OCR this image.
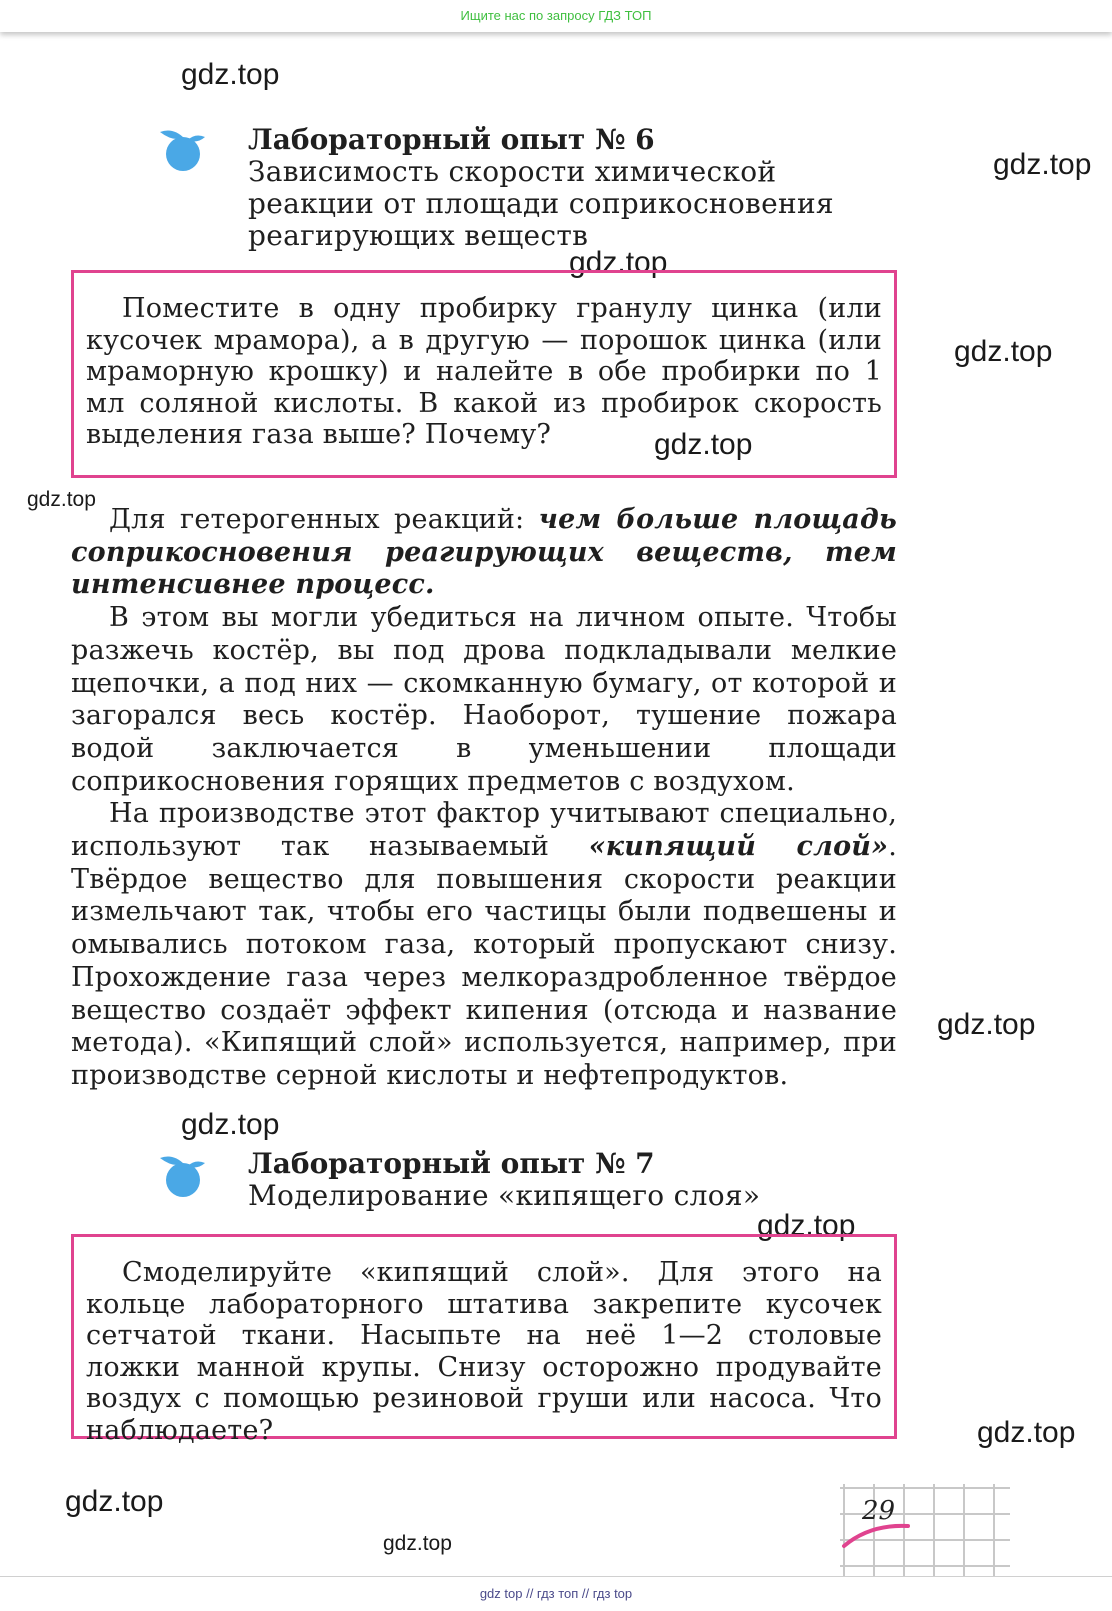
Ищите нас по запросу ГДЗ ТОП
gdz.top
gdz.top
gdz.top
gdz.top
gdz.top
gdz.top
gdz.top
gdz.top
gdz.top
gdz.top
gdz.top
gdz.top
Лабораторный опыт № 6
Зависимость скорости химической
реакции от площади соприкосновения
реагирующих веществ

Поместите в одну пробирку гранулу цинка (или кусочек мрамора), а в другую — порошок цинка (или мраморную крошку) и налейте в обе пробирки по 1 мл соляной кислоты. В какой из пробирок скорость выделения газа выше? Почему?

Для гетерогенных реакций: чем больше площадь соприкосновения реагирующих веществ, тем интенсивнее процесс.

В этом вы могли убедиться на личном опыте. Чтобы разжечь костёр, вы под дрова подкладывали мелкие щепочки, а под них — скомканную бумагу, от которой и загорался весь костёр. Наоборот, тушение пожара водой заключается в уменьшении площади соприкосновения горящих предметов с воздухом.

На производстве этот фактор учитывают специально, используют так называемый «кипящий слой». Твёрдое вещество для повышения скорости реакции измельчают так, чтобы его частицы были подвешены и омывались потоком газа, который пропускают снизу. Прохождение газа через мелкораздробленное твёрдое вещество создаёт эффект кипения (отсюда и название метода). «Кипящий слой» используется, например, при производстве серной кислоты и нефтепродуктов.

Лабораторный опыт № 7
Моделирование «кипящего слоя»

Смоделируйте «кипящий слой». Для этого на кольце лабораторного штатива закрепите кусочек сетчатой ткани. Насыпьте на неё 1—2 столовые ложки манной крупы. Снизу осторожно продувайте воздух с помощью резиновой груши или насоса. Что наблюдаете?

29
gdz top // гдз топ // гдз top
